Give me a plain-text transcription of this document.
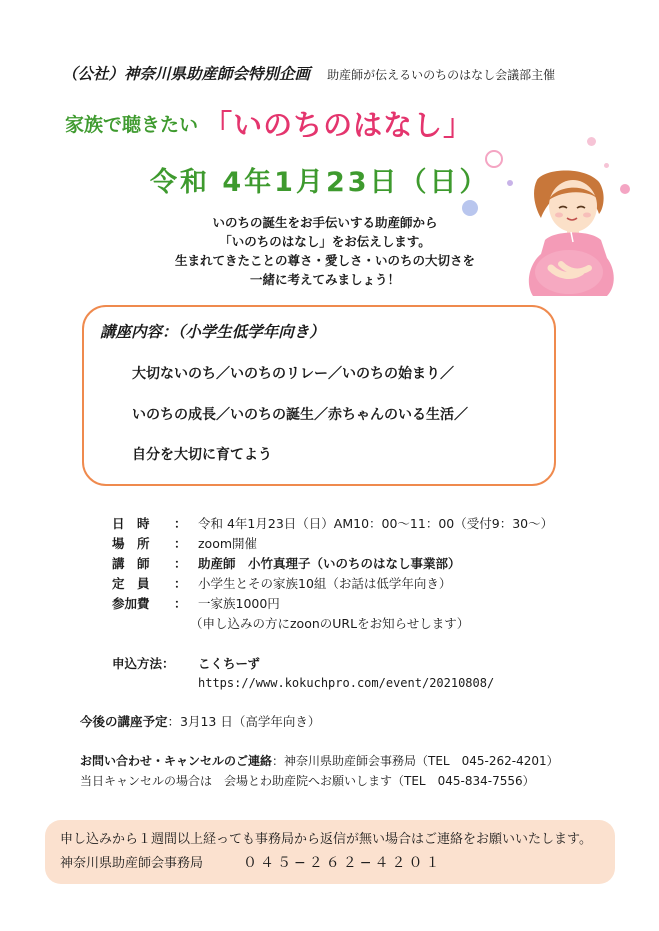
（公社）神奈川県助産師会特別企画 助産師が伝えるいのちのはなし会議部主催
家族で聴きたい 「いのちのはなし」
令和 4年1月23日（日）
いのちの誕生をお手伝いする助産師から
「いのちのはなし」をお伝えします。
生まれてきたことの尊さ・愛しさ・いのちの大切さを
一緒に考えてみましょう！
講座内容：（小学生低学年向き）
大切ないのち／いのちのリレー／いのちの始まり／
いのちの成長／いのちの誕生／赤ちゃんのいる生活／
自分を大切に育てよう
日　時 ： 令和 4年1月23日（日）AM10：00〜11：00（受付9：30〜）
場　所 ： zoom開催
講　師 ： 助産師　小竹真理子（いのちのはなし事業部）
定　員 ： 小学生とその家族10組（お話は低学年向き）
参加費 ： 一家族1000円
（申し込みの方にzoonのURLをお知らせします）
申込方法： こくちーず
https://www.kokuchpro.com/event/20210808/
今後の講座予定：3月13 日（高学年向き）
お問い合わせ・キャンセルのご連絡：神奈川県助産師会事務局（TEL　045-262-4201）
当日キャンセルの場合は　会場とわ助産院へお願いします（TEL　045-834-7556）
申し込みから１週間以上経っても事務局から返信が無い場合はご連絡をお願いいたします。
神奈川県助産師会事務局	０４５−２６２−４２０１
